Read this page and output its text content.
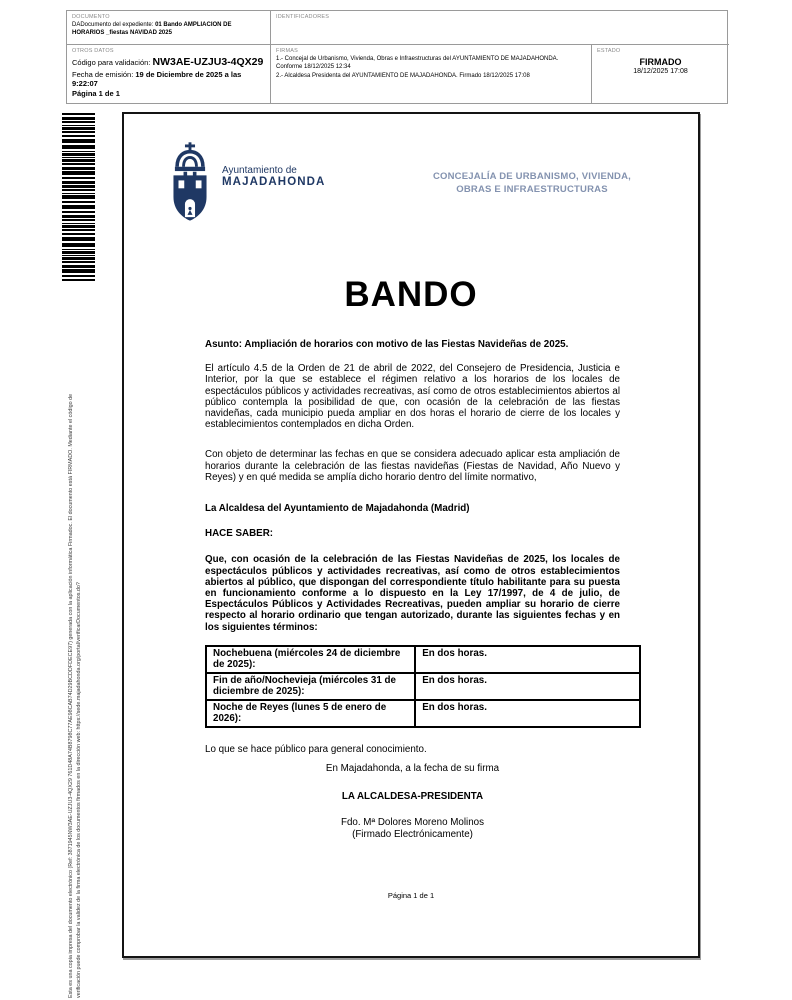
DOCUMENTO
DADocumento del expediente: 01 Bando AMPLIACION DE HORARIOS _fiestas NAVIDAD 2025
IDENTIFICADORES
OTROS DATOS
Código para validación: NW3AE-UZJU3-4QX29
Fecha de emisión: 19 de Diciembre de 2025 a las 9:22:07
Página 1 de 1
FIRMAS
1.- Concejal de Urbanismo, Vivienda, Obras e Infraestructuras del AYUNTAMIENTO DE MAJADAHONDA. Conforme 18/12/2025 12:34
2.- Alcaldesa Presidenta del AYUNTAMIENTO DE MAJADAHONDA. Firmado 18/12/2025 17:08
ESTADO
FIRMADO
18/12/2025 17:08
Esta es una copia impresa del documento electrónico (Ref: 3871945NW3AE-UZJU3-4QX29 761D48A74B8798C77AE98CAB74D29BCDDFDECE97) generada con la aplicación informática Firmadoc. El documento está FIRMADO. Mediante el código de verificación puede comprobar la validez de la firma electrónica de los documentos firmados en la dirección web: https://sede.majadahonda.org/portal/verificarDocumentos.do?
Ayuntamiento de
MAJADAHONDA	CONCEJALÍA DE URBANISMO, VIVIENDA,
OBRAS E INFRAESTRUCTURAS
BANDO

Asunto: Ampliación de horarios con motivo de las Fiestas Navideñas de 2025.

El artículo 4.5 de la Orden de 21 de abril de 2022, del Consejero de Presidencia, Justicia e Interior, por la que se establece el régimen relativo a los horarios de los locales de espectáculos públicos y actividades recreativas, así como de otros establecimientos abiertos al público contempla la posibilidad de que, con ocasión de la celebración de las fiestas navideñas, cada municipio pueda ampliar en dos horas el horario de cierre de los locales y establecimientos contemplados en dicha Orden.

Con objeto de determinar las fechas en que se considera adecuado aplicar esta ampliación de horarios durante la celebración de las fiestas navideñas (Fiestas de Navidad, Año Nuevo y Reyes) y en qué medida se amplía dicho horario dentro del límite normativo,

La Alcaldesa del Ayuntamiento de Majadahonda (Madrid)

HACE SABER:

Que, con ocasión de la celebración de las Fiestas Navideñas de 2025, los locales de espectáculos públicos y actividades recreativas, así como de otros establecimientos abiertos al público, que dispongan del correspondiente título habilitante para su puesta en funcionamiento conforme a lo dispuesto en la Ley 17/1997, de 4 de julio, de Espectáculos Públicos y Actividades Recreativas, pueden ampliar su horario de cierre respecto al horario ordinario que tengan autorizado, durante las siguientes fechas y en los siguientes términos:

Nochebuena (miércoles 24 de diciembre de 2025):	En dos horas.
Fin de año/Nochevieja (miércoles 31 de diciembre de 2025):	En dos horas.
Noche de Reyes (lunes 5 de enero de 2026):	En dos horas.

Lo que se hace público para general conocimiento.

En Majadahonda, a la fecha de su firma

LA ALCALDESA-PRESIDENTA

Fdo. Mª Dolores Moreno Molinos

(Firmado Electrónicamente)

Página 1 de 1
